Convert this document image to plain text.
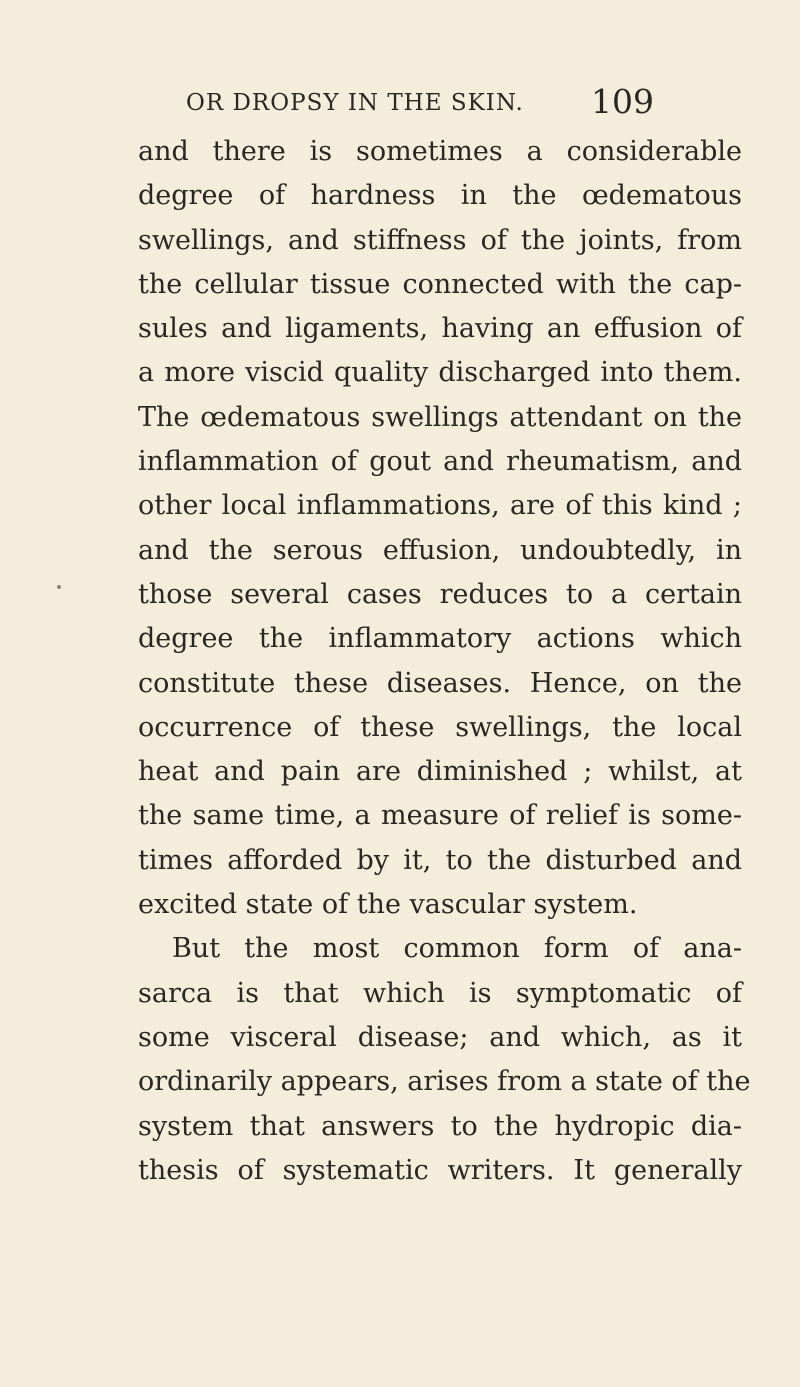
OR DROPSY IN THE SKIN. 109
and there is sometimes a considerable
degree of hardness in the œdematous
swellings, and stiffness of the joints, from
the cellular tissue connected with the cap-
sules and ligaments, having an effusion of
a more viscid quality discharged into them.
The œdematous swellings attendant on the
inflammation of gout and rheumatism, and
other local inflammations, are of this kind ;
and the serous effusion, undoubtedly, in
those several cases reduces to a certain
degree the inflammatory actions which
constitute these diseases. Hence, on the
occurrence of these swellings, the local
heat and pain are diminished ; whilst, at
the same time, a measure of relief is some-
times afforded by it, to the disturbed and
excited state of the vascular system.
But the most common form of ana-
sarca is that which is symptomatic of
some visceral disease; and which, as it
ordinarily appears, arises from a state of the
system that answers to the hydropic dia-
thesis of systematic writers. It generally
